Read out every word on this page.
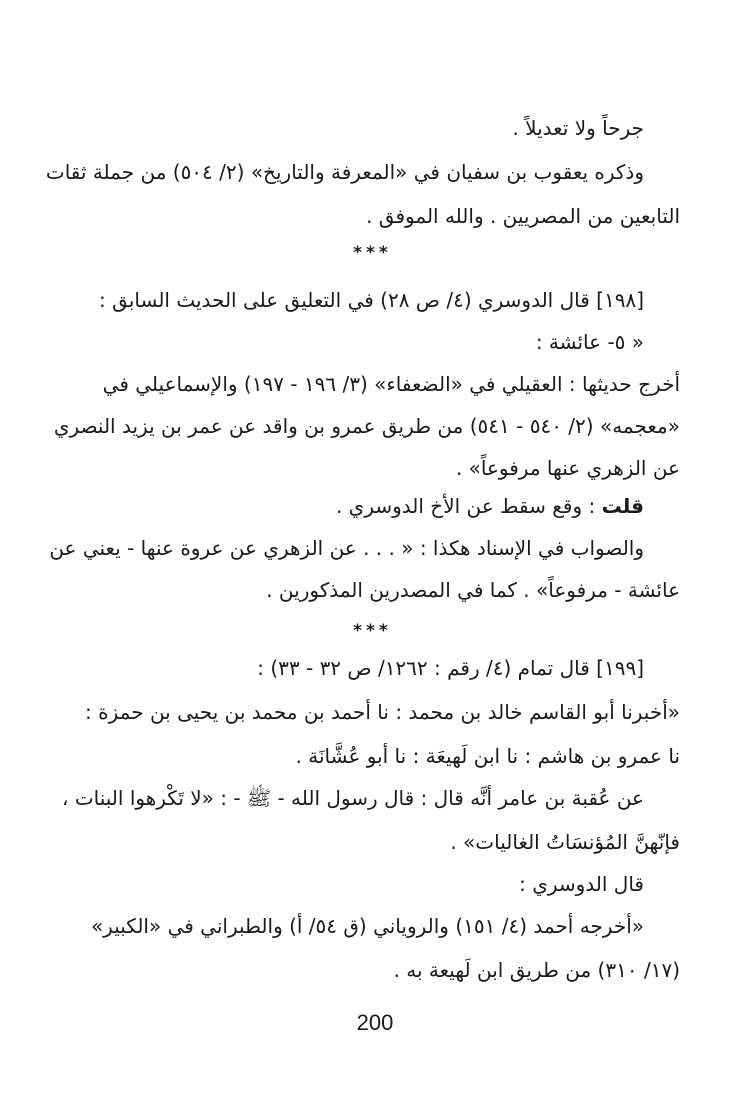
جرحاً ولا تعديلاً .
وذكره يعقوب بن سفيان في «المعرفة والتاريخ» (٢/ ٥٠٤) من جملة ثقات
التابعين من المصريين . والله الموفق .
***
[١٩٨] قال الدوسري (٤/ ص ٢٨) في التعليق على الحديث السابق :
« ٥- عائشة :
أخرج حديثها : العقيلي في «الضعفاء» (٣/ ١٩٦ - ١٩٧) والإسماعيلي في
«معجمه» (٢/ ٥٤٠ - ٥٤١) من طريق عمرو بن واقد عن عمر بن يزيد النصري
عن الزهري عنها مرفوعاً» .
قلت : وقع سقط عن الأخ الدوسري .
والصواب في الإسناد هكذا : « . . . عن الزهري عن عروة عنها - يعني عن
عائشة - مرفوعاً» . كما في المصدرين المذكورين .
***
[١٩٩] قال تمام (٤/ رقم : ١٢٦٢/ ص ٣٢ - ٣٣) :
«أخبرنا أبو القاسم خالد بن محمد : نا أحمد بن محمد بن يحيى بن حمزة :
نا عمرو بن هاشم : نا ابن لَهيعَة : نا أبو عُشَّانَة .
عن عُقبة بن عامر أنَّه قال : قال رسول الله - ﷺ - : «لا تَكْرهوا البنات ،
فإنّهنَّ المُؤنسَاتُ الغاليات» .
قال الدوسري :
«أخرجه أحمد (٤/ ١٥١) والروياني (ق ٥٤/ أ) والطبراني في «الكبير»
(١٧/ ٣١٠) من طريق ابن لَهيعة به .
200
